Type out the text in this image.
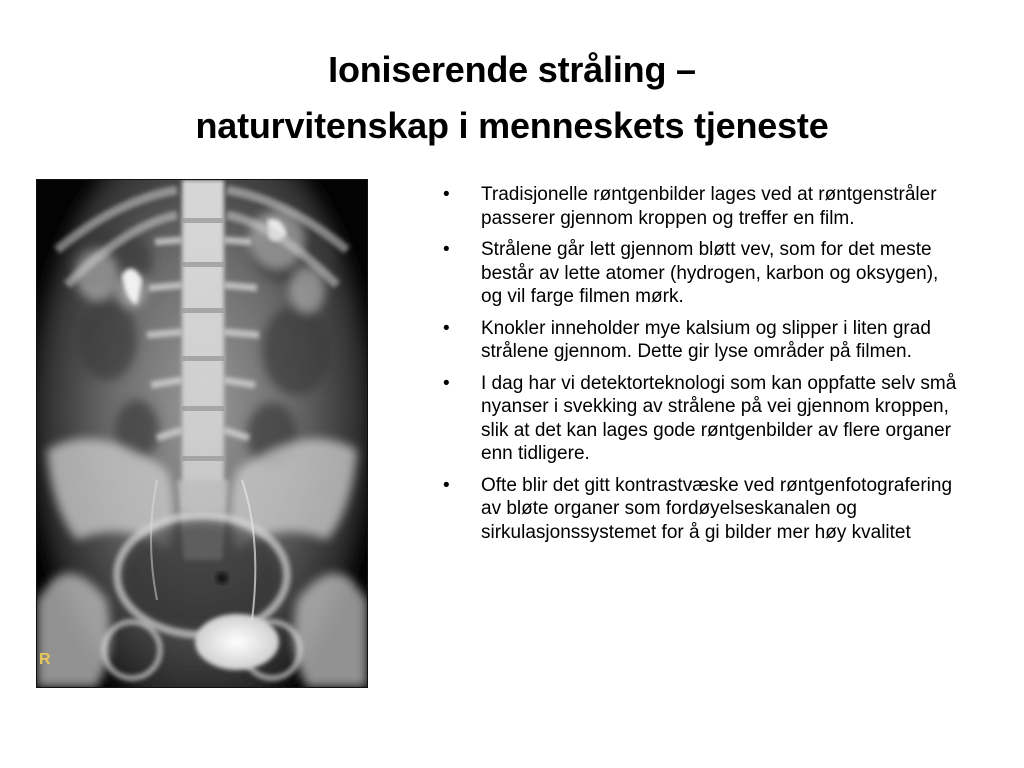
Ioniserende stråling –
naturvitenskap i menneskets tjeneste
R
• Tradisjonelle røntgenbilder lages ved at røntgenstråler passerer gjennom kroppen og treffer en film.
• Strålene går lett gjennom bløtt vev, som for det meste består av lette atomer (hydrogen, karbon og oksygen), og vil farge filmen mørk.
• Knokler inneholder mye kalsium og slipper i liten grad strålene gjennom. Dette gir lyse områder på filmen.
• I dag har vi detektorteknologi som kan oppfatte selv små nyanser i svekking av strålene på vei gjennom kroppen, slik at det kan lages gode røntgenbilder av flere organer enn tidligere.
• Ofte blir det gitt kontrastvæske ved røntgenfotografering av bløte organer som fordøyelseskanalen og sirkulasjonssystemet for å gi bilder mer høy kvalitet
